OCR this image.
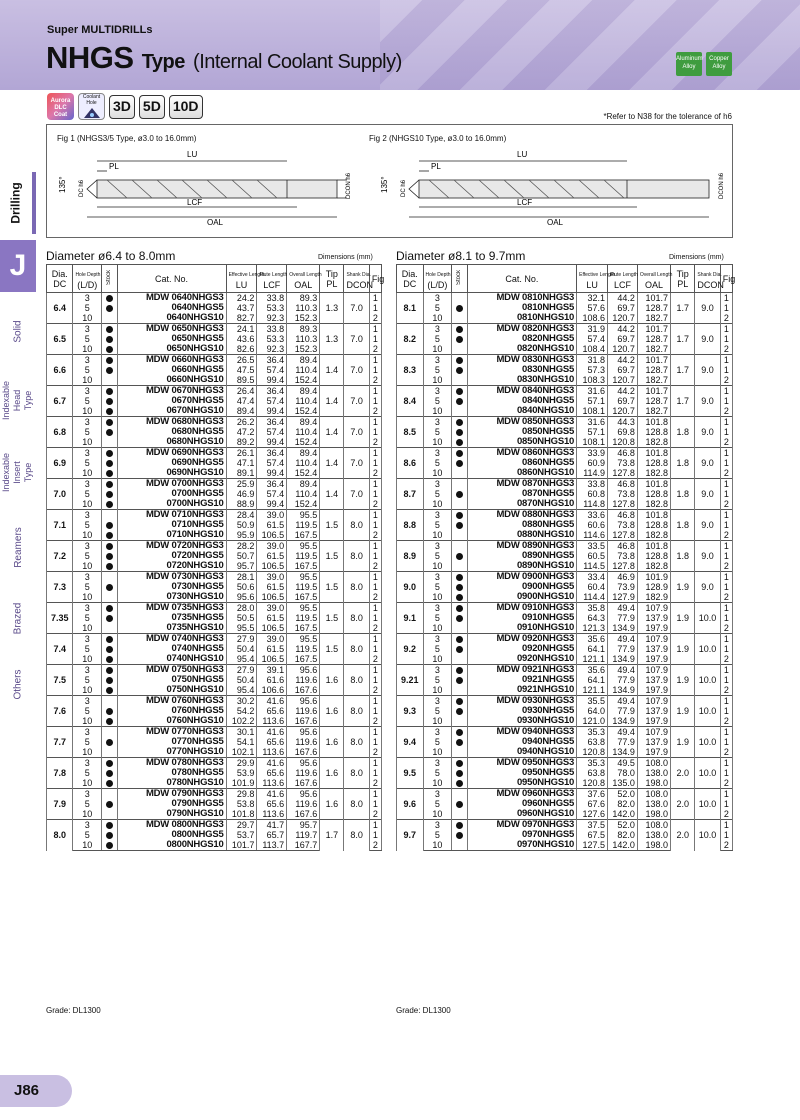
Super MULTIDRILLs
NHGS Type (Internal Coolant Supply)	Aluminum Alloy
Copper Alloy
Aurora DLC Coat
Coolant Hole	3D 5D 10D
*Refer to N38 for the tolerance of h6
Fig 1 (NHGS3/5 Type, ø3.0 to 16.0mm)	Fig 2 (NHGS10 Type, ø3.0 to 16.0mm)
135° DC h6
PL
LU
LCF
OAL
DCON h6	135° DC h6
PL
LU
LCF
OAL
DCON h6
Drilling
J
Solid
Indexable Head Type
Indexable Insert Type
Reamers
Brazed
Others
Diameter ø6.4 to 8.0mm	Dimensions (mm) Diameter ø8.1 to 9.7mm	Dimensions (mm)
Dia.
DC	Hole Depth
(L/D)	Stock	Cat. No.	Effective Length
LU	Flute Length
LCF	Overall Length
OAL	Tip
PL	Shank Dia.
DCON	Fig
6.4	3		MDW 0640NHGS3	24.2	33.8	89.3	1.3	7.0	1
	5		0640NHGS5	43.7	53.3	110.3			1
	10		0640NHGS10	82.7	92.3	152.3			2
6.5	3		MDW 0650NHGS3	24.1	33.8	89.3	1.3	7.0	1
	5		0650NHGS5	43.6	53.3	110.3			1
	10		0650NHGS10	82.6	92.3	152.3			2
6.6	3		MDW 0660NHGS3	26.5	36.4	89.4	1.4	7.0	1
	5		0660NHGS5	47.5	57.4	110.4			1
	10		0660NHGS10	89.5	99.4	152.4			2
6.7	3		MDW 0670NHGS3	26.4	36.4	89.4	1.4	7.0	1
	5		0670NHGS5	47.4	57.4	110.4			1
	10		0670NHGS10	89.4	99.4	152.4			2
6.8	3		MDW 0680NHGS3	26.2	36.4	89.4	1.4	7.0	1
	5		0680NHGS5	47.2	57.4	110.4			1
	10		0680NHGS10	89.2	99.4	152.4			2
6.9	3		MDW 0690NHGS3	26.1	36.4	89.4	1.4	7.0	1
	5		0690NHGS5	47.1	57.4	110.4			1
	10		0690NHGS10	89.1	99.4	152.4			2
7.0	3		MDW 0700NHGS3	25.9	36.4	89.4	1.4	7.0	1
	5		0700NHGS5	46.9	57.4	110.4			1
	10		0700NHGS10	88.9	99.4	152.4			2
7.1	3		MDW 0710NHGS3	28.4	39.0	95.5	1.5	8.0	1
	5		0710NHGS5	50.9	61.5	119.5			1
	10		0710NHGS10	95.9	106.5	167.5			2
7.2	3		MDW 0720NHGS3	28.2	39.0	95.5	1.5	8.0	1
	5		0720NHGS5	50.7	61.5	119.5			1
	10		0720NHGS10	95.7	106.5	167.5			2
7.3	3		MDW 0730NHGS3	28.1	39.0	95.5	1.5	8.0	1
	5		0730NHGS5	50.6	61.5	119.5			1
	10		0730NHGS10	95.6	106.5	167.5			2
7.35	3		MDW 0735NHGS3	28.0	39.0	95.5	1.5	8.0	1
	5		0735NHGS5	50.5	61.5	119.5			1
	10		0735NHGS10	95.5	106.5	167.5			2
7.4	3		MDW 0740NHGS3	27.9	39.0	95.5	1.5	8.0	1
	5		0740NHGS5	50.4	61.5	119.5			1
	10		0740NHGS10	95.4	106.5	167.5			2
7.5	3		MDW 0750NHGS3	27.9	39.1	95.6	1.6	8.0	1
	5		0750NHGS5	50.4	61.6	119.6			1
	10		0750NHGS10	95.4	106.6	167.6			2
7.6	3		MDW 0760NHGS3	30.2	41.6	95.6	1.6	8.0	1
	5		0760NHGS5	54.2	65.6	119.6			1
	10		0760NHGS10	102.2	113.6	167.6			2
7.7	3		MDW 0770NHGS3	30.1	41.6	95.6	1.6	8.0	1
	5		0770NHGS5	54.1	65.6	119.6			1
	10		0770NHGS10	102.1	113.6	167.6			2
7.8	3		MDW 0780NHGS3	29.9	41.6	95.6	1.6	8.0	1
	5		0780NHGS5	53.9	65.6	119.6			1
	10		0780NHGS10	101.9	113.6	167.6			2
7.9	3		MDW 0790NHGS3	29.8	41.6	95.6	1.6	8.0	1
	5		0790NHGS5	53.8	65.6	119.6			1
	10		0790NHGS10	101.8	113.6	167.6			2
8.0	3		MDW 0800NHGS3	29.7	41.7	95.7	1.7	8.0	1
	5		0800NHGS5	53.7	65.7	119.7			1
	10		0800NHGS10	101.7	113.7	167.7			2
Dia.
DC	Hole Depth
(L/D)	Stock	Cat. No.	Effective Length
LU	Flute Length
LCF	Overall Length
OAL	Tip
PL	Shank Dia.
DCON	Fig
8.1	3		MDW 0810NHGS3	32.1	44.2	101.7	1.7	9.0	1
	5		0810NHGS5	57.6	69.7	128.7			1
	10		0810NHGS10	108.6	120.7	182.7			2
8.2	3		MDW 0820NHGS3	31.9	44.2	101.7	1.7	9.0	1
	5		0820NHGS5	57.4	69.7	128.7			1
	10		0820NHGS10	108.4	120.7	182.7			2
8.3	3		MDW 0830NHGS3	31.8	44.2	101.7	1.7	9.0	1
	5		0830NHGS5	57.3	69.7	128.7			1
	10		0830NHGS10	108.3	120.7	182.7			2
8.4	3		MDW 0840NHGS3	31.6	44.2	101.7	1.7	9.0	1
	5		0840NHGS5	57.1	69.7	128.7			1
	10		0840NHGS10	108.1	120.7	182.7			2
8.5	3		MDW 0850NHGS3	31.6	44.3	101.8	1.8	9.0	1
	5		0850NHGS5	57.1	69.8	128.8			1
	10		0850NHGS10	108.1	120.8	182.8			2
8.6	3		MDW 0860NHGS3	33.9	46.8	101.8	1.8	9.0	1
	5		0860NHGS5	60.9	73.8	128.8			1
	10		0860NHGS10	114.9	127.8	182.8			2
8.7	3		MDW 0870NHGS3	33.8	46.8	101.8	1.8	9.0	1
	5		0870NHGS5	60.8	73.8	128.8			1
	10		0870NHGS10	114.8	127.8	182.8			2
8.8	3		MDW 0880NHGS3	33.6	46.8	101.8	1.8	9.0	1
	5		0880NHGS5	60.6	73.8	128.8			1
	10		0880NHGS10	114.6	127.8	182.8			2
8.9	3		MDW 0890NHGS3	33.5	46.8	101.8	1.8	9.0	1
	5		0890NHGS5	60.5	73.8	128.8			1
	10		0890NHGS10	114.5	127.8	182.8			2
9.0	3		MDW 0900NHGS3	33.4	46.9	101.9	1.9	9.0	1
	5		0900NHGS5	60.4	73.9	128.9			1
	10		0900NHGS10	114.4	127.9	182.9			2
9.1	3		MDW 0910NHGS3	35.8	49.4	107.9	1.9	10.0	1
	5		0910NHGS5	64.3	77.9	137.9			1
	10		0910NHGS10	121.3	134.9	197.9			2
9.2	3		MDW 0920NHGS3	35.6	49.4	107.9	1.9	10.0	1
	5		0920NHGS5	64.1	77.9	137.9			1
	10		0920NHGS10	121.1	134.9	197.9			2
9.21	3		MDW 0921NHGS3	35.6	49.4	107.9	1.9	10.0	1
	5		0921NHGS5	64.1	77.9	137.9			1
	10		0921NHGS10	121.1	134.9	197.9			2
9.3	3		MDW 0930NHGS3	35.5	49.4	107.9	1.9	10.0	1
	5		0930NHGS5	64.0	77.9	137.9			1
	10		0930NHGS10	121.0	134.9	197.9			2
9.4	3		MDW 0940NHGS3	35.3	49.4	107.9	1.9	10.0	1
	5		0940NHGS5	63.8	77.9	137.9			1
	10		0940NHGS10	120.8	134.9	197.9			2
9.5	3		MDW 0950NHGS3	35.3	49.5	108.0	2.0	10.0	1
	5		0950NHGS5	63.8	78.0	138.0			1
	10		0950NHGS10	120.8	135.0	198.0			2
9.6	3		MDW 0960NHGS3	37.6	52.0	108.0	2.0	10.0	1
	5		0960NHGS5	67.6	82.0	138.0			1
	10		0960NHGS10	127.6	142.0	198.0			2
9.7	3		MDW 0970NHGS3	37.5	52.0	108.0	2.0	10.0	1
	5		0970NHGS5	67.5	82.0	138.0			1
	10		0970NHGS10	127.5	142.0	198.0			2
Grade: DL1300	Grade: DL1300
J86
